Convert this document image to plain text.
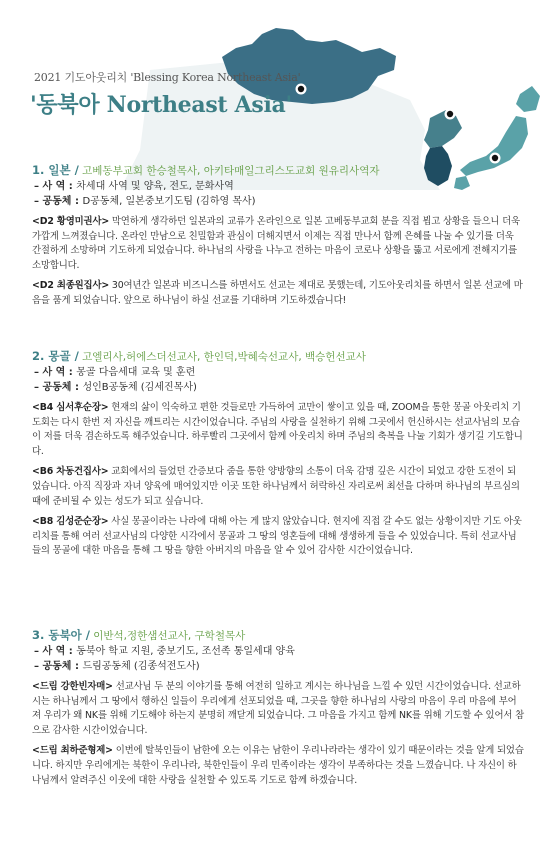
2021 기도아웃리치 'Blessing Korea Northeast Asia'
'동북아 Northeast Asia'
1. 일본 / 고베동부교회 한승철목사, 아키타매일그리스도교회 원유리사역자
– 사 역 : 차세대 사역 및 양육, 전도, 문화사역
– 공동체 : D공동체, 일본중보기도팀 (김하영 목사)

<D2 황영미권사> 막연하게 생각하던 일본과의 교류가 온라인으로 일본 고베동부교회 분을 직접 뵙고 상황을 들으니 더욱 가깝게 느껴졌습니다. 온라인 만남으로 친밀함과 관심이 더해지면서 이제는 직접 만나서 함께 은혜를 나눌 수 있기를 더욱 간절하게 소망하며 기도하게 되었습니다. 하나님의 사랑을 나누고 전하는 마음이 코로나 상황을 뚫고 서로에게 전해지기를 소망합니다.

<D2 최종원집사> 30여년간 일본과 비즈니스를 하면서도 선교는 제대로 못했는데, 기도아웃리치를 하면서 일본 선교에 마음을 품게 되었습니다. 앞으로 하나님이 하실 선교를 기대하며 기도하겠습니다!

2. 몽골 / 고엘리사,허에스더선교사, 한인덕,박혜숙선교사, 백승헌선교사
– 사 역 : 몽골 다음세대 교육 및 훈련
– 공동체 : 성인B공동체 (김세진목사)

<B4 심서후순장> 현재의 삶이 익숙하고 편한 것들로만 가득하여 교만이 쌓이고 있을 때, ZOOM을 통한 몽골 아웃리치 기도회는 다시 한번 저 자신을 깨트리는 시간이었습니다. 주님의 사랑을 실천하기 위해 그곳에서 헌신하시는 선교사님의 모습이 저를 더욱 겸손하도록 해주었습니다. 하루빨리 그곳에서 함께 아웃리치 하며 주님의 축복을 나눌 기회가 생기길 기도합니다.

<B6 차동건집사> 교회에서의 들었던 간증보다 줌을 통한 양방향의 소통이 더욱 감명 깊은 시간이 되었고 강한 도전이 되었습니다. 아직 직장과 자녀 양육에 매여있지만 이곳 또한 하나님께서 허락하신 자리로써 최선을 다하며 하나님의 부르심의 때에 준비될 수 있는 성도가 되고 싶습니다.

<B8 김성준순장> 사실 몽골이라는 나라에 대해 아는 게 많지 않았습니다. 현지에 직접 갈 수도 없는 상황이지만 기도 아웃리치를 통해 여러 선교사님의 다양한 시각에서 몽골과 그 땅의 영혼들에 대해 생생하게 들을 수 있었습니다. 특히 선교사님들의 몽골에 대한 마음을 통해 그 땅을 향한 아버지의 마음을 알 수 있어 감사한 시간이었습니다.

3. 동북아 / 이반석,정한샘선교사, 구학철목사
– 사 역 : 동북아 학교 지원, 중보기도, 조선족 통일세대 양육
– 공동체 : 드림공동체 (김종석전도사)

<드림 강한빈자매> 선교사님 두 분의 이야기를 통해 여전히 일하고 계시는 하나님을 느낄 수 있던 시간이었습니다. 선교하시는 하나님께서 그 땅에서 행하신 일들이 우리에게 선포되었을 때, 그곳을 향한 하나님의 사랑의 마음이 우리 마음에 부어져 우리가 왜 NK를 위해 기도해야 하는지 분명히 깨닫게 되었습니다. 그 마음을 가지고 함께 NK를 위해 기도할 수 있어서 참으로 감사한 시간이었습니다.

<드림 최하준형제> 이번에 탈북인들이 남한에 오는 이유는 남한이 우리나라라는 생각이 있기 때문이라는 것을 알게 되었습니다. 하지만 우리에게는 북한이 우리나라, 북한인들이 우리 민족이라는 생각이 부족하다는 것을 느꼈습니다. 나 자신이 하나님께서 알려주신 이웃에 대한 사랑을 실천할 수 있도록 기도로 함께 하겠습니다.
